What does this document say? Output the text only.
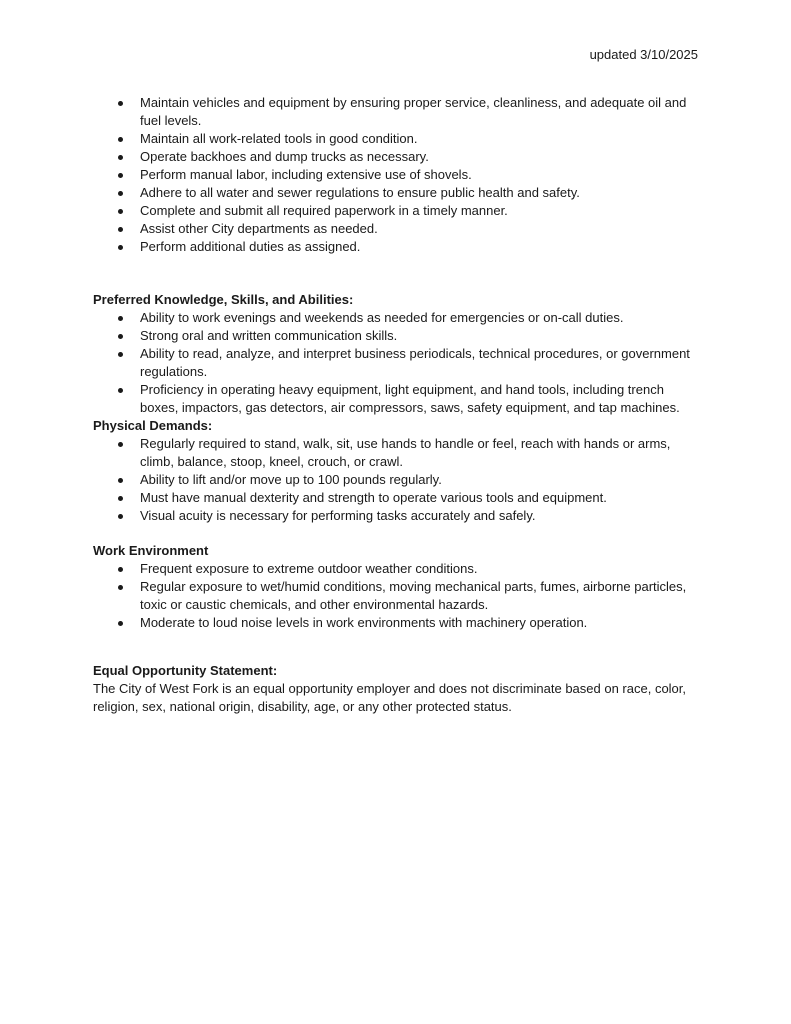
updated 3/10/2025
Maintain vehicles and equipment by ensuring proper service, cleanliness, and adequate oil and fuel levels.
Maintain all work-related tools in good condition.
Operate backhoes and dump trucks as necessary.
Perform manual labor, including extensive use of shovels.
Adhere to all water and sewer regulations to ensure public health and safety.
Complete and submit all required paperwork in a timely manner.
Assist other City departments as needed.
Perform additional duties as assigned.
Preferred Knowledge, Skills, and Abilities:
Ability to work evenings and weekends as needed for emergencies or on-call duties.
Strong oral and written communication skills.
Ability to read, analyze, and interpret business periodicals, technical procedures, or government regulations.
Proficiency in operating heavy equipment, light equipment, and hand tools, including trench boxes, impactors, gas detectors, air compressors, saws, safety equipment, and tap machines.
Physical Demands:
Regularly required to stand, walk, sit, use hands to handle or feel, reach with hands or arms, climb, balance, stoop, kneel, crouch, or crawl.
Ability to lift and/or move up to 100 pounds regularly.
Must have manual dexterity and strength to operate various tools and equipment.
Visual acuity is necessary for performing tasks accurately and safely.
Work Environment
Frequent exposure to extreme outdoor weather conditions.
Regular exposure to wet/humid conditions, moving mechanical parts, fumes, airborne particles, toxic or caustic chemicals, and other environmental hazards.
Moderate to loud noise levels in work environments with machinery operation.
Equal Opportunity Statement:

The City of West Fork is an equal opportunity employer and does not discriminate based on race, color, religion, sex, national origin, disability, age, or any other protected status.
